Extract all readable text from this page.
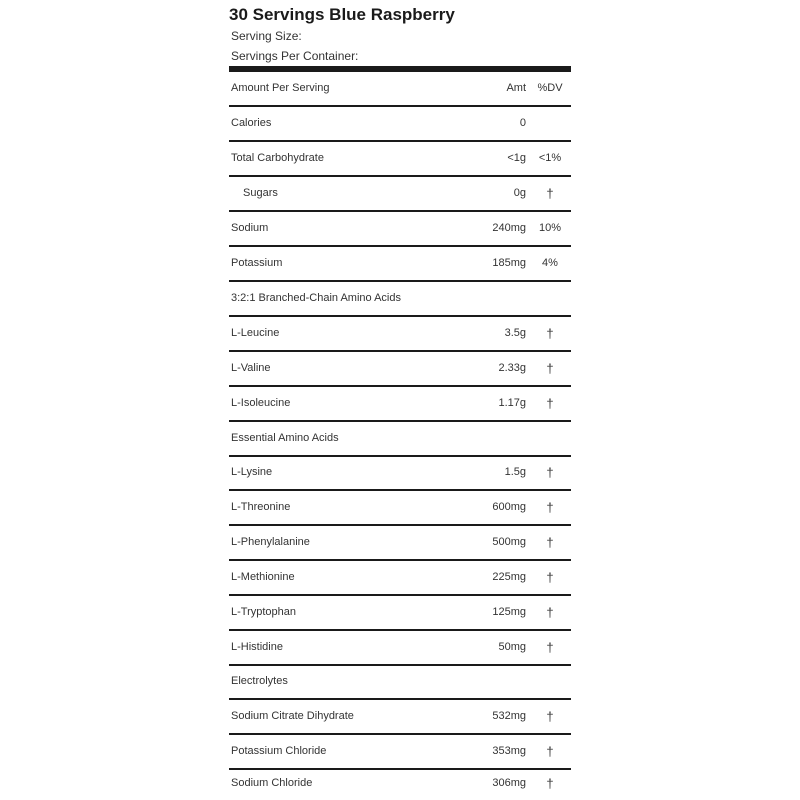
30 Servings Blue Raspberry
Serving Size:
Servings Per Container:
Amount Per Serving	Amt	%DV
Calories	0
Total Carbohydrate	<1g	<1%
Sugars	0g	†
Sodium	240mg	10%
Potassium	185mg	4%
3:2:1 Branched-Chain Amino Acids
L-Leucine	3.5g	†
L-Valine	2.33g	†
L-Isoleucine	1.17g	†
Essential Amino Acids
L-Lysine	1.5g	†
L-Threonine	600mg	†
L-Phenylalanine	500mg	†
L-Methionine	225mg	†
L-Tryptophan	125mg	†
L-Histidine	50mg	†
Electrolytes
Sodium Citrate Dihydrate	532mg	†
Potassium Chloride	353mg	†
Sodium Chloride	306mg	†
